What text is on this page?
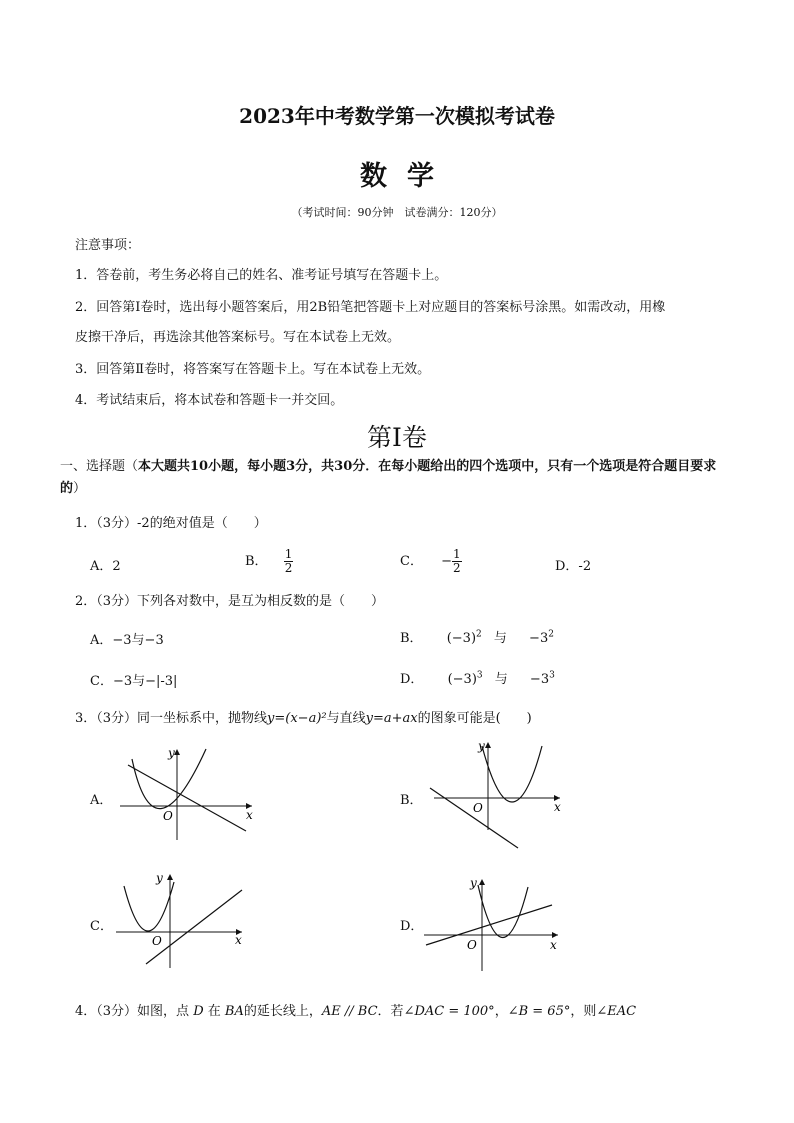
2023年中考数学第一次模拟考试卷
数学
（考试时间：90分钟　试卷满分：120分）
注意事项：
1．答卷前，考生务必将自己的姓名、准考证号填写在答题卡上。
2．回答第Ⅰ卷时，选出每小题答案后，用2B铅笔把答题卡上对应题目的答案标号涂黑。如需改动，用橡
皮擦干净后，再选涂其他答案标号。写在本试卷上无效。
3．回答第Ⅱ卷时，将答案写在答题卡上。写在本试卷上无效。
4．考试结束后，将本试卷和答题卡一并交回。
第Ⅰ卷
一、选择题（本大题共10小题，每小题3分，共30分．在每小题给出的四个选项中，只有一个选项是符合题目要求的）
1．（3分）-2的绝对值是（　　）
A．2	B． $\frac{1}{2}$	C． − $\frac{1}{2}$	D．-2
2．（3分）下列各对数中，是互为相反数的是（　　）
A．−3与−3	B． $(-3)^2$ 与 $-3^2$
C．−3与−|-3|	D． $(-3)^3$ 与 $-3^3$
3．（3分）同一坐标系中，抛物线y=(x−a)²与直线y=a+ax的图象可能是(　　)
A．	B．
C．	D．
x
y
O
x
y
O
x
y
O	x
y
O
4．（3分）如图，点 D 在 BA的延长线上，AE // BC．若∠DAC = 100°，∠B = 65°，则∠EAC
